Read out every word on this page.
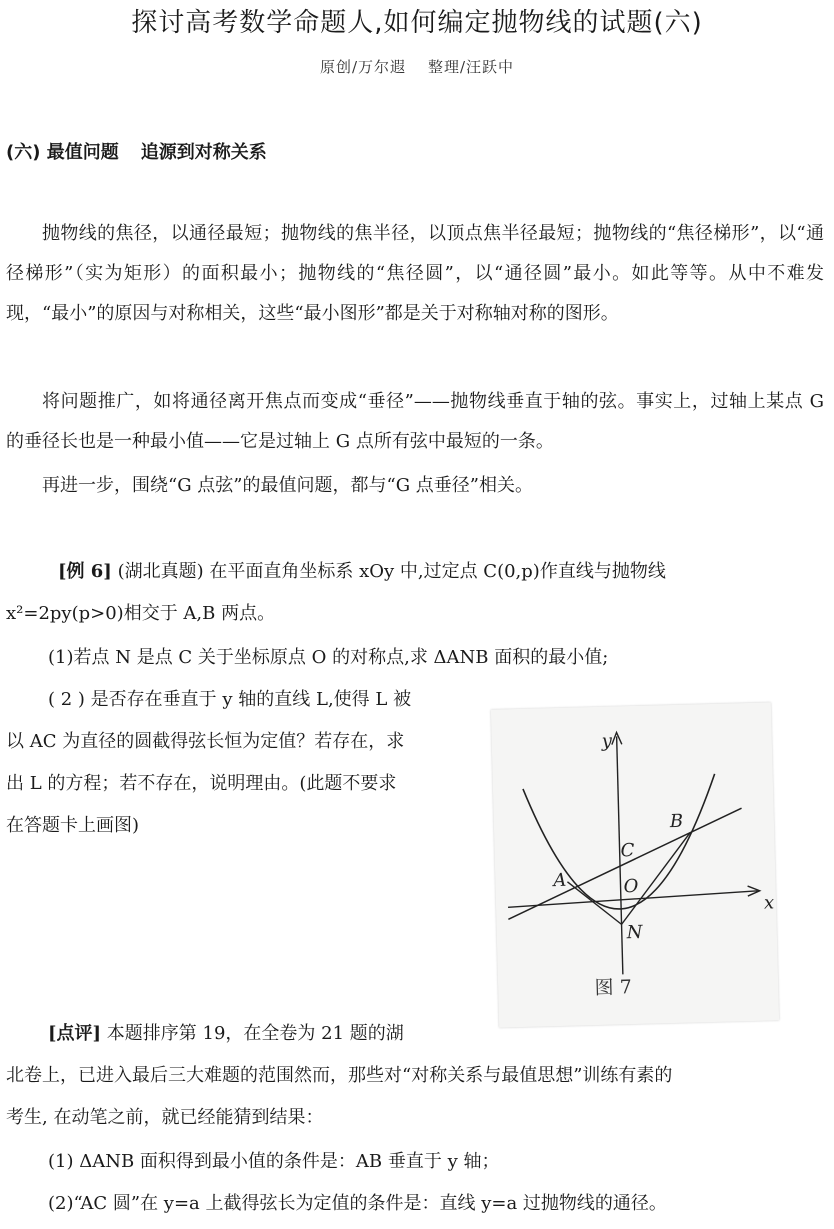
探讨高考数学命题人,如何编定抛物线的试题(六)
原创/万尔遐 整理/汪跃中
(六) 最值问题 追源到对称关系

抛物线的焦径，以通径最短；抛物线的焦半径，以顶点焦半径最短；抛物线的“焦径梯形”，以“通径梯形”（实为矩形）的面积最小；抛物线的“焦径圆”，以“通径圆”最小。如此等等。从中不难发现，“最小”的原因与对称相关，这些“最小图形”都是关于对称轴对称的图形。

将问题推广，如将通径离开焦点而变成“垂径”——抛物线垂直于轴的弦。事实上，过轴上某点 G 的垂径长也是一种最小值——它是过轴上 G 点所有弦中最短的一条。

再进一步，围绕“G 点弦”的最值问题，都与“G 点垂径”相关。

[例 6] (湖北真题) 在平面直角坐标系 xOy 中,过定点 C(0,p)作直线与抛物线
x²=2py(p>0)相交于 A,B 两点。
(1)若点 N 是点 C 关于坐标原点 O 的对称点,求 ΔANB 面积的最小值;
( 2 ) 是否存在垂直于 y 轴的直线 L,使得 L 被
以 AC 为直径的圆截得弦长恒为定值？若存在，求
出 L 的方程；若不存在，说明理由。(此题不要求
在答题卡上画图)
y
x
A
B
C
O
N
图 7
[点评] 本题排序第 19，在全卷为 21 题的湖
北卷上，已进入最后三大难题的范围然而，那些对“对称关系与最值思想”训练有素的
考生, 在动笔之前，就已经能猜到结果：
(1) ΔANB 面积得到最小值的条件是：AB 垂直于 y 轴；
(2)“AC 圆”在 y=a 上截得弦长为定值的条件是：直线 y=a 过抛物线的通径。
